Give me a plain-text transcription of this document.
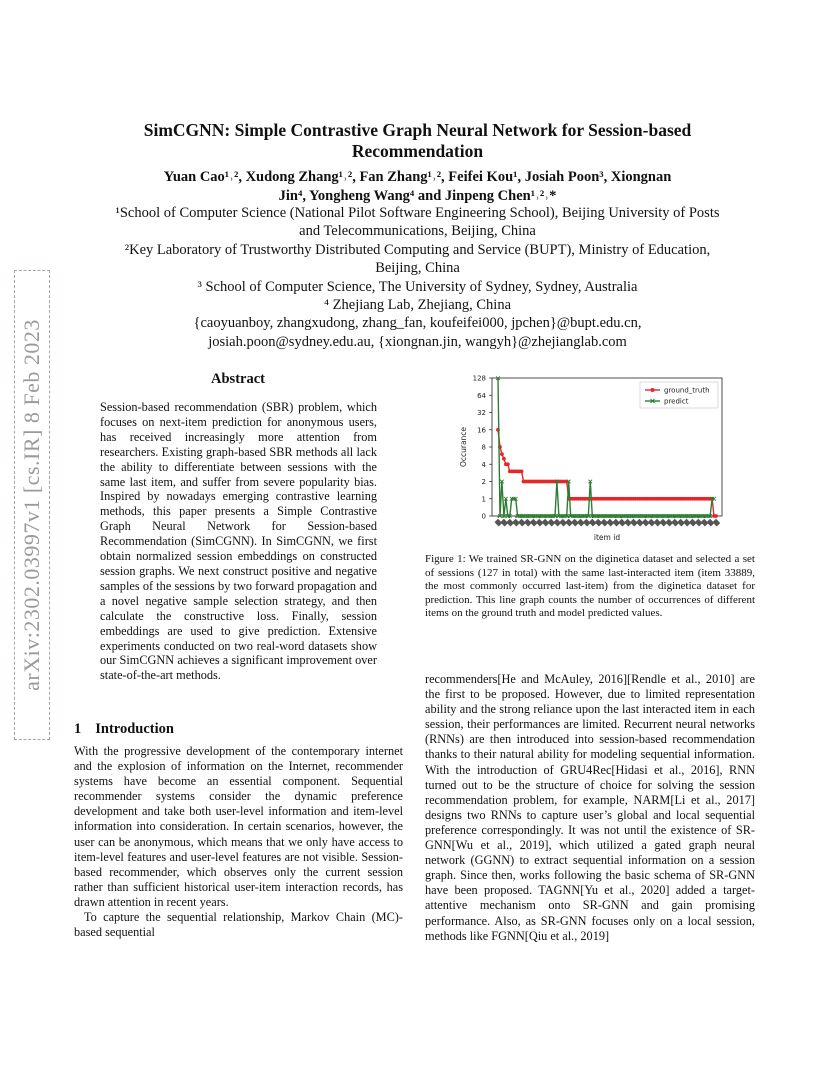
arXiv:2302.03997v1 [cs.IR] 8 Feb 2023
SimCGNN: Simple Contrastive Graph Neural Network for Session-based
Recommendation
Yuan Cao¹˒², Xudong Zhang¹˒², Fan Zhang¹˒², Feifei Kou¹, Josiah Poon³, Xiongnan
Jin⁴, Yongheng Wang⁴ and Jinpeng Chen¹˒²˒*
¹School of Computer Science (National Pilot Software Engineering School), Beijing University of Posts
and Telecommunications, Beijing, China
²Key Laboratory of Trustworthy Distributed Computing and Service (BUPT), Ministry of Education,
Beijing, China
³ School of Computer Science, The University of Sydney, Sydney, Australia
⁴ Zhejiang Lab, Zhejiang, China
{caoyuanboy, zhangxudong, zhang_fan, koufeifei000, jpchen}@bupt.edu.cn,
josiah.poon@sydney.edu.au, {xiongnan.jin, wangyh}@zhejianglab.com
Abstract
Session-based recommendation (SBR) problem, which focuses on next-item prediction for anonymous users, has received increasingly more attention from researchers. Existing graph-based SBR methods all lack the ability to differentiate between sessions with the same last item, and suffer from severe popularity bias. Inspired by nowadays emerging contrastive learning methods, this paper presents a Simple Contrastive Graph Neural Network for Session-based Recommendation (SimCGNN). In SimCGNN, we first obtain normalized session embeddings on constructed session graphs. We next construct positive and negative samples of the sessions by two forward propagation and a novel negative sample selection strategy, and then calculate the constructive loss. Finally, session embeddings are used to give prediction. Extensive experiments conducted on two real-word datasets show our SimCGNN achieves a significant improvement over state-of-the-art methods.
1 Introduction

With the progressive development of the contemporary internet and the explosion of information on the Internet, recommender systems have become an essential component. Sequential recommender systems consider the dynamic preference development and take both user-level information and item-level information into consideration. In certain scenarios, however, the user can be anonymous, which means that we only have access to item-level features and user-level features are not visible. Session-based recommender, which observes only the current session rather than sufficient historical user-item interaction records, has drawn attention in recent years.

To capture the sequential relationship, Markov Chain (MC)-based sequential

0
1
2
4
8
16
32
64
128
Occurance
item id
ground_truth
predict
Figure 1: We trained SR-GNN on the diginetica dataset and selected a set of sessions (127 in total) with the same last-interacted item (item 33889, the most commonly occurred last-item) from the diginetica dataset for prediction. This line graph counts the number of occurrences of different items on the ground truth and model predicted values.
recommenders[He and McAuley, 2016][Rendle et al., 2010] are the first to be proposed. However, due to limited representation ability and the strong reliance upon the last interacted item in each session, their performances are limited. Recurrent neural networks (RNNs) are then introduced into session-based recommendation thanks to their natural ability for modeling sequential information. With the introduction of GRU4Rec[Hidasi et al., 2016], RNN turned out to be the structure of choice for solving the session recommendation problem, for example, NARM[Li et al., 2017] designs two RNNs to capture user’s global and local sequential preference correspondingly. It was not until the existence of SR-GNN[Wu et al., 2019], which utilized a gated graph neural network (GGNN) to extract sequential information on a session graph. Since then, works following the basic schema of SR-GNN have been proposed. TAGNN[Yu et al., 2020] added a target-attentive mechanism onto SR-GNN and gain promising performance. Also, as SR-GNN focuses only on a local session, methods like FGNN[Qiu et al., 2019]
